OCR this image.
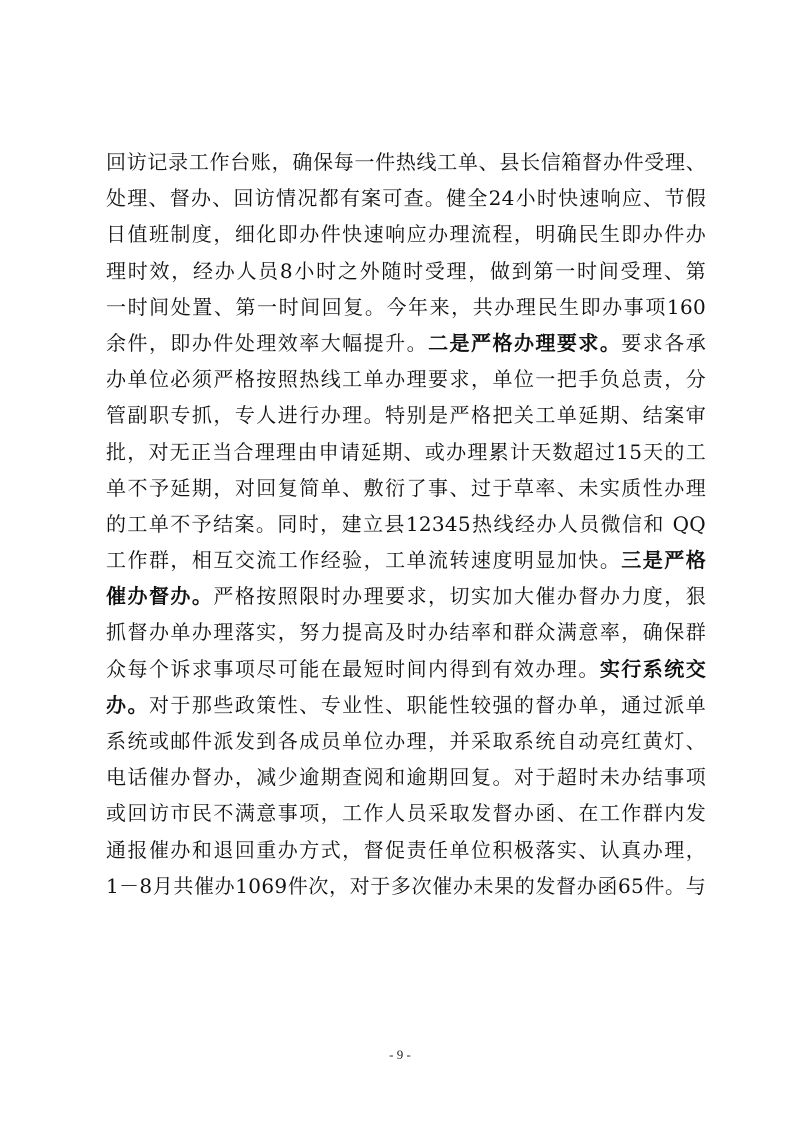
回访记录工作台账，确保每一件热线工单、县长信箱督办件受理、
处理、督办、回访情况都有案可查。健全24小时快速响应、节假
日值班制度，细化即办件快速响应办理流程，明确民生即办件办
理时效，经办人员8小时之外随时受理，做到第一时间受理、第
一时间处置、第一时间回复。今年来，共办理民生即办事项160
余件，即办件处理效率大幅提升。二是严格办理要求。要求各承
办单位必须严格按照热线工单办理要求，单位一把手负总责，分
管副职专抓，专人进行办理。特别是严格把关工单延期、结案审
批，对无正当合理理由申请延期、或办理累计天数超过15天的工
单不予延期，对回复简单、敷衍了事、过于草率、未实质性办理
的工单不予结案。同时，建立县12345热线经办人员微信和 QQ
工作群，相互交流工作经验，工单流转速度明显加快。三是严格
催办督办。严格按照限时办理要求，切实加大催办督办力度，狠
抓督办单办理落实，努力提高及时办结率和群众满意率，确保群
众每个诉求事项尽可能在最短时间内得到有效办理。实行系统交
办。对于那些政策性、专业性、职能性较强的督办单，通过派单
系统或邮件派发到各成员单位办理，并采取系统自动亮红黄灯、
电话催办督办，减少逾期查阅和逾期回复。对于超时未办结事项
或回访市民不满意事项，工作人员采取发督办函、在工作群内发
通报催办和退回重办方式，督促责任单位积极落实、认真办理，
1－8月共催办1069件次，对于多次催办未果的发督办函65件。与
- 9 -
